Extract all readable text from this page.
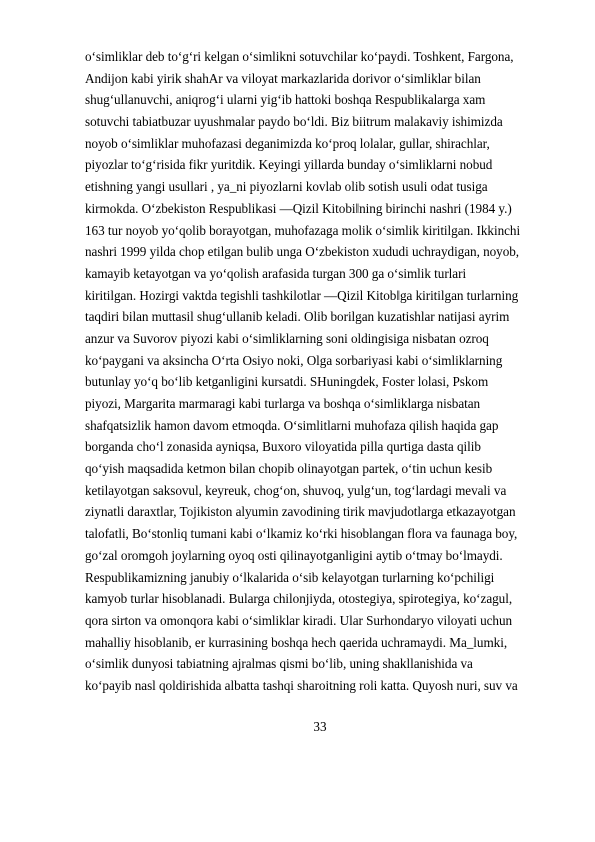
o‘simliklar deb to‘g‘ri kelgan o‘simlikni sotuvchilar ko‘paydi. Toshkent, Fargona,
Andijon kabi yirik shahAr va viloyat markazlarida dorivor o‘simliklar bilan
shug‘ullanuvchi, aniqrog‘i ularni yig‘ib hattoki boshqa Respublikalarga xam
sotuvchi tabiatbuzar uyushmalar paydo bo‘ldi. Biz biitrum malakaviy ishimizda
noyob o‘simliklar muhofazasi deganimizda ko‘proq lolalar, gullar, shirachlar,
piyozlar to‘g‘risida fikr yuritdik. Keyingi yillarda bunday o‘simliklarni nobud
etishning yangi usullari , ya_ni piyozlarni kovlab olib sotish usuli odat tusiga
kirmokda. O‘zbekiston Respublikasi ―Qizil Kitobi‖ning birinchi nashri (1984 y.)
163 tur noyob yo‘qolib borayotgan, muhofazaga molik o‘simlik kiritilgan. Ikkinchi
nashri 1999 yilda chop etilgan bulib unga O‘zbekiston xududi uchraydigan, noyob,
kamayib ketayotgan va yo‘qolish arafasida turgan 300 ga o‘simlik turlari
kiritilgan. Hozirgi vaktda tegishli tashkilotlar ―Qizil Kitob‖ga kiritilgan turlarning
taqdiri bilan muttasil shug‘ullanib keladi. Olib borilgan kuzatishlar natijasi ayrim
anzur va Suvorov piyozi kabi o‘simliklarning soni oldingisiga nisbatan ozroq
ko‘paygani va aksincha O‘rta Osiyo noki, Olga sorbariyasi kabi o‘simliklarning
butunlay yo‘q bo‘lib ketganligini kursatdi. SHuningdek, Foster lolasi, Pskom
piyozi, Margarita marmaragi kabi turlarga va boshqa o‘simliklarga nisbatan
shafqatsizlik hamon davom etmoqda. O‘simlitlarni muhofaza qilish haqida gap
borganda cho‘l zonasida ayniqsa, Buxoro viloyatida pilla qurtiga dasta qilib
qo‘yish maqsadida ketmon bilan chopib olinayotgan partek, o‘tin uchun kesib
ketilayotgan saksovul, keyreuk, chog‘on, shuvoq, yulg‘un, tog‘lardagi mevali va
ziynatli daraxtlar, Tojikiston alyumin zavodining tirik mavjudotlarga etkazayotgan
talofatli, Bo‘stonliq tumani kabi o‘lkamiz ko‘rki hisoblangan flora va faunaga boy,
go‘zal oromgoh joylarning oyoq osti qilinayotganligini aytib o‘tmay bo‘lmaydi.
Respublikamizning janubiy o‘lkalarida o‘sib kelayotgan turlarning ko‘pchiligi
kamyob turlar hisoblanadi. Bularga chilonjiyda, otostegiya, spirotegiya, ko‘zagul,
qora sirton va omonqora kabi o‘simliklar kiradi. Ular Surhondaryo viloyati uchun
mahalliy hisoblanib, er kurrasining boshqa hech qaerida uchramaydi. Ma_lumki,
o‘simlik dunyosi tabiatning ajralmas qismi bo‘lib, uning shakllanishida va
ko‘payib nasl qoldirishida albatta tashqi sharoitning roli katta. Quyosh nuri, suv va
33
